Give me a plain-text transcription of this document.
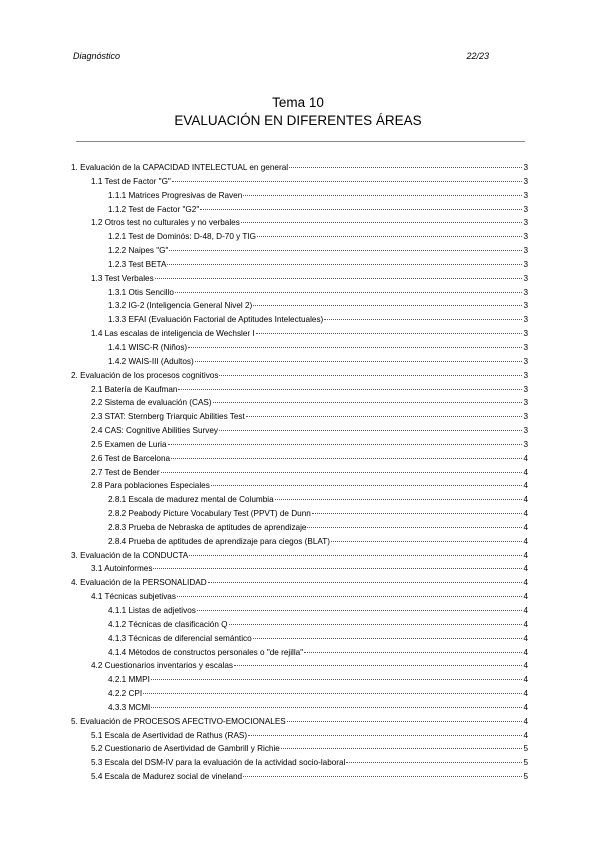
Diagnóstico	22/23
Tema 10
EVALUACIÓN EN DIFERENTES ÁREAS
1. Evaluación de la CAPACIDAD INTELECTUAL en general	3
1.1 Test de Factor "G"	3
1.1.1 Matrices Progresivas de Raven	3
1.1.2 Test de Factor "G2"	3
1.2 Otros test no culturales y no verbales	3
1.2.1 Test de Dominós: D-48, D-70 y TIG	3
1.2.2 Naipes "G"	3
1.2.3 Test BETA	3
1.3 Test Verbales	3
1.3.1 Otis Sencillo	3
1.3.2 IG-2 (Inteligencia General Nivel 2)	3
1.3.3 EFAI (Evaluación Factorial de Aptitudes Intelectuales)	3
1.4 Las escalas de inteligencia de Wechsler I	3
1.4.1 WISC-R (Niños)	3
1.4.2 WAIS-III (Adultos)	3
2. Evaluación de los procesos cognitivos	3
2.1 Batería de Kaufman	3
2.2 Sistema de evaluación (CAS)	3
2.3 STAT: Sternberg Triarquic Abilities Test	3
2.4 CAS: Cognitive Abilities Survey	3
2.5 Examen de Luria	3
2.6 Test de Barcelona	4
2.7 Test de Bender	4
2.8 Para poblaciones Especiales	4
2.8.1 Escala de madurez mental de Columbia	4
2.8.2 Peabody Picture Vocabulary Test (PPVT) de Dunn	4
2.8.3 Prueba de Nebraska de aptitudes de aprendizaje	4
2.8.4 Prueba de aptitudes de aprendizaje para ciegos (BLAT)	4
3. Evaluación de la CONDUCTA	4
3.1 Autoinformes	4
4. Evaluación de la PERSONALIDAD	4
4.1 Técnicas subjetivas	4
4.1.1 Listas de adjetivos	4
4.1.2 Técnicas de clasificación Q	4
4.1.3 Técnicas de diferencial semántico	4
4.1.4 Métodos de constructos personales o "de rejilla"	4
4.2 Cuestionarios inventarios y escalas	4
4.2.1 MMPI	4
4.2.2 CPI	4
4.3.3 MCMI	4
5. Evaluación de PROCESOS AFECTIVO-EMOCIONALES	4
5.1 Escala de Asertividad de Rathus (RAS)	4
5.2 Cuestionario de Asertividad de Gambrill y Richie	5
5.3 Escala del DSM-IV para la evaluación de la actividad socio-laboral	5
5.4 Escala de Madurez social de vineland	5
